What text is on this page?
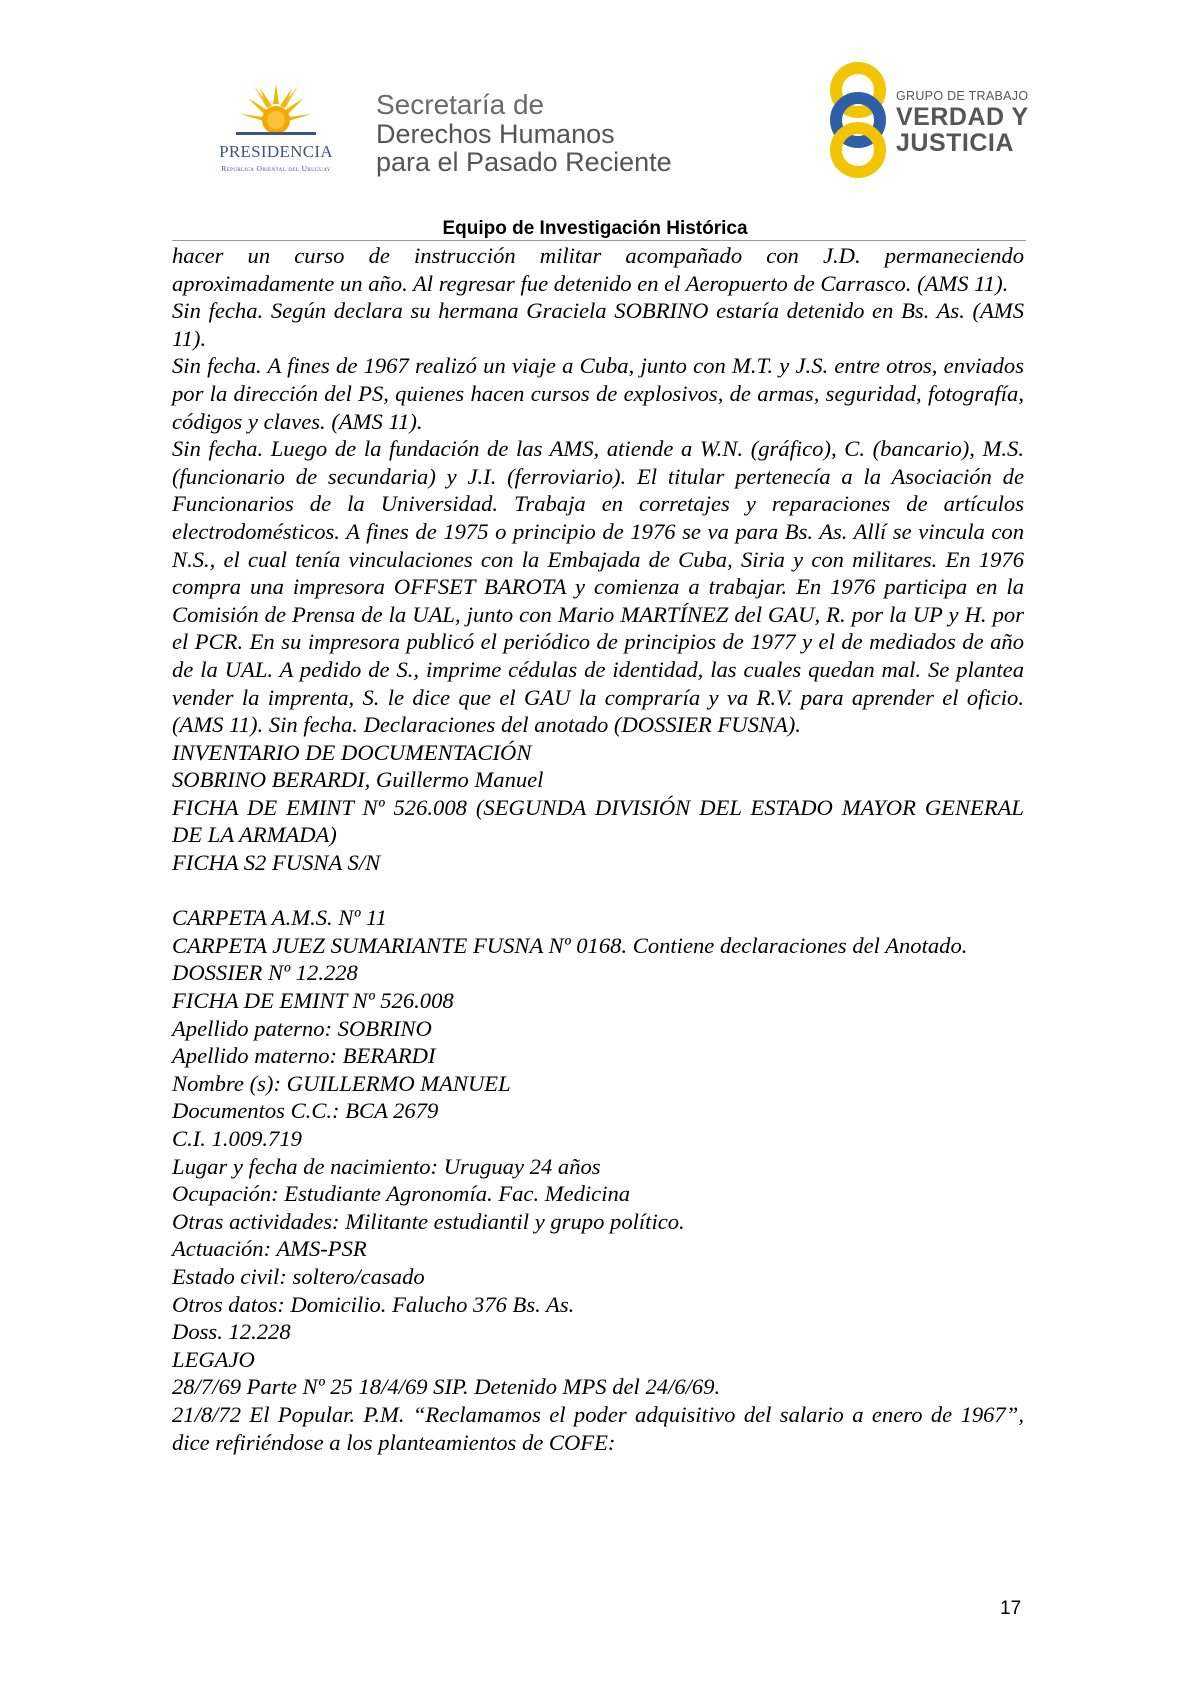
PRESIDENCIA
República Oriental del Uruguay
Secretaría de
Derechos Humanos
para el Pasado Reciente
GRUPO DE TRABAJO
VERDAD Y
JUSTICIA
Equipo de Investigación Histórica

hacer un curso de instrucción militar acompañado con J.D. permaneciendo aproximadamente un año. Al regresar fue detenido en el Aeropuerto de Carrasco. (AMS 11).

Sin fecha. Según declara su hermana Graciela SOBRINO estaría detenido en Bs. As. (AMS 11).

Sin fecha. A fines de 1967 realizó un viaje a Cuba, junto con M.T. y J.S. entre otros, enviados por la dirección del PS, quienes hacen cursos de explosivos, de armas, seguridad, fotografía, códigos y claves. (AMS 11).

Sin fecha. Luego de la fundación de las AMS, atiende a W.N. (gráfico), C. (bancario), M.S. (funcionario de secundaria) y J.I. (ferroviario). El titular pertenecía a la Asociación de Funcionarios de la Universidad. Trabaja en corretajes y reparaciones de artículos electrodomésticos. A fines de 1975 o principio de 1976 se va para Bs. As. Allí se vincula con N.S., el cual tenía vinculaciones con la Embajada de Cuba, Siria y con militares. En 1976 compra una impresora OFFSET BAROTA y comienza a trabajar. En 1976 participa en la Comisión de Prensa de la UAL, junto con Mario MARTÍNEZ del GAU, R. por la UP y H. por el PCR. En su impresora publicó el periódico de principios de 1977 y el de mediados de año de la UAL. A pedido de S., imprime cédulas de identidad, las cuales quedan mal. Se plantea vender la imprenta, S. le dice que el GAU la compraría y va R.V. para aprender el oficio. (AMS 11). Sin fecha. Declaraciones del anotado (DOSSIER FUSNA).

INVENTARIO DE DOCUMENTACIÓN

SOBRINO BERARDI, Guillermo Manuel

FICHA DE EMINT Nº 526.008 (SEGUNDA DIVISIÓN DEL ESTADO MAYOR GENERAL DE LA ARMADA)

FICHA S2 FUSNA S/N

CARPETA A.M.S. Nº 11

CARPETA JUEZ SUMARIANTE FUSNA Nº 0168. Contiene declaraciones del Anotado.

DOSSIER Nº 12.228

FICHA DE EMINT Nº 526.008

Apellido paterno: SOBRINO

Apellido materno: BERARDI

Nombre (s): GUILLERMO MANUEL

Documentos C.C.: BCA 2679

C.I. 1.009.719

Lugar y fecha de nacimiento: Uruguay 24 años

Ocupación: Estudiante Agronomía. Fac. Medicina

Otras actividades: Militante estudiantil y grupo político.

Actuación: AMS-PSR

Estado civil: soltero/casado

Otros datos: Domicilio. Falucho 376 Bs. As.

Doss. 12.228

LEGAJO

28/7/69 Parte Nº 25 18/4/69 SIP. Detenido MPS del 24/6/69.

21/8/72 El Popular. P.M. “Reclamamos el poder adquisitivo del salario a enero de 1967”, dice refiriéndose a los planteamientos de COFE:

17
